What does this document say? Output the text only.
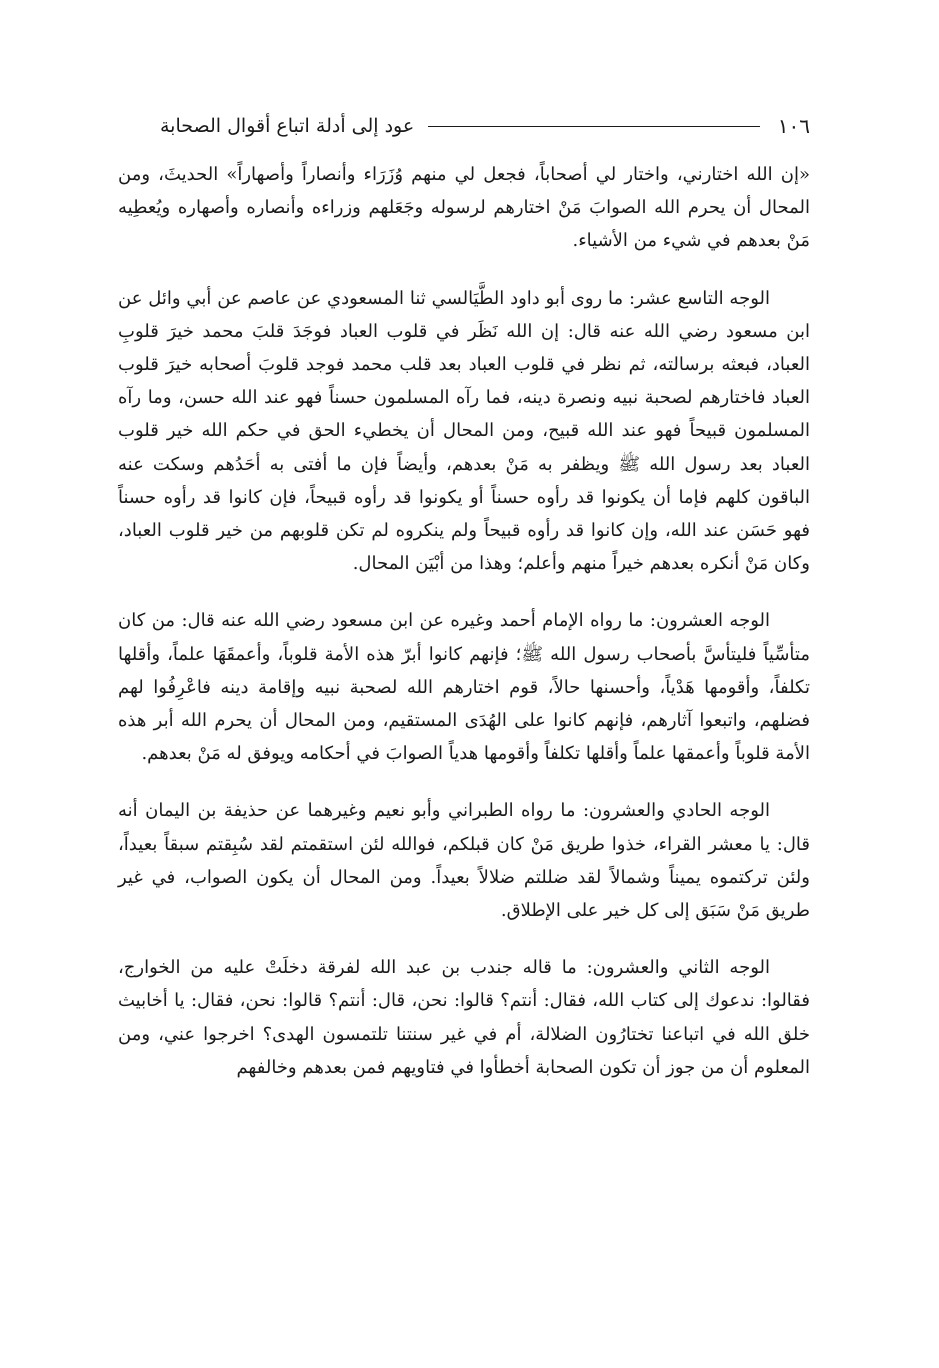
١٠٦
عود إلى أدلة اتباع أقوال الصحابة

«إن الله اختارني، واختار لي أصحاباً، فجعل لي منهم وُزَرَاء وأنصاراً وأصهاراً» الحديثَ، ومن المحال أن يحرم الله الصوابَ مَنْ اختارهم لرسوله وجَعَلهم وزراءه وأنصاره وأصهاره ويُعطِيه مَنْ بعدهم في شيء من الأشياء.

الوجه التاسع عشر: ما روى أبو داود الطَّيَالسي ثنا المسعودي عن عاصم عن أبي وائل عن ابن مسعود رضي الله عنه قال: إن الله نَظَر في قلوب العباد فوجَدَ قلبَ محمد خيرَ قلوبِ العباد، فبعثه برسالته، ثم نظر في قلوب العباد بعد قلب محمد فوجد قلوبَ أصحابه خيرَ قلوب العباد فاختارهم لصحبة نبيه ونصرة دينه، فما رآه المسلمون حسناً فهو عند الله حسن، وما رآه المسلمون قبيحاً فهو عند الله قبيح، ومن المحال أن يخطيء الحق في حكم الله خير قلوب العباد بعد رسول الله ﷺ ويظفر به مَنْ بعدهم، وأيضاً فإن ما أفتى به أحَدُهم وسكت عنه الباقون كلهم فإما أن يكونوا قد رأوه حسناً أو يكونوا قد رأوه قبيحاً، فإن كانوا قد رأوه حسناً فهو حَسَن عند الله، وإن كانوا قد رأوه قبيحاً ولم ينكروه لم تكن قلوبهم من خير قلوب العباد، وكان مَنْ أنكره بعدهم خيراً منهم وأعلم؛ وهذا من أبْيَن المحال.

الوجه العشرون: ما رواه الإمام أحمد وغيره عن ابن مسعود رضي الله عنه قال: من كان متأسِّياً فليتأسَّ بأصحاب رسول الله ﷺ؛ فإنهم كانوا أبرّ هذه الأمة قلوباً، وأعمقَهَا علماً، وأقلها تكلفاً، وأقومها هَدْياً، وأحسنها حالاً، قوم اختارهم الله لصحبة نبيه وإقامة دينه فاعْرِفُوا لهم فضلهم، واتبعوا آثارهم، فإنهم كانوا على الهُدَى المستقيم، ومن المحال أن يحرم الله أبر هذه الأمة قلوباً وأعمقها علماً وأقلها تكلفاً وأقومها هدياً الصوابَ في أحكامه ويوفق له مَنْ بعدهم.

الوجه الحادي والعشرون: ما رواه الطبراني وأبو نعيم وغيرهما عن حذيفة بن اليمان أنه قال: يا معشر القراء، خذوا طريق مَنْ كان قبلكم، فوالله لئن استقمتم لقد سُبِقتم سبقاً بعيداً، ولئن تركتموه يميناً وشمالاً لقد ضللتم ضلالاً بعيداً. ومن المحال أن يكون الصواب، في غير طريق مَنْ سَبَق إلى كل خير على الإطلاق.

الوجه الثاني والعشرون: ما قاله جندب بن عبد الله لفرقة دخلَتْ عليه من الخوارج، فقالوا: ندعوك إلى كتاب الله، فقال: أنتم؟ قالوا: نحن، قال: أنتم؟ قالوا: نحن، فقال: يا أخابيث خلق الله في اتباعنا تختارُون الضلالة، أم في غير سنتنا تلتمسون الهدى؟ اخرجوا عني، ومن المعلوم أن من جوز أن تكون الصحابة أخطأوا في فتاويهم فمن بعدهم وخالفهم
